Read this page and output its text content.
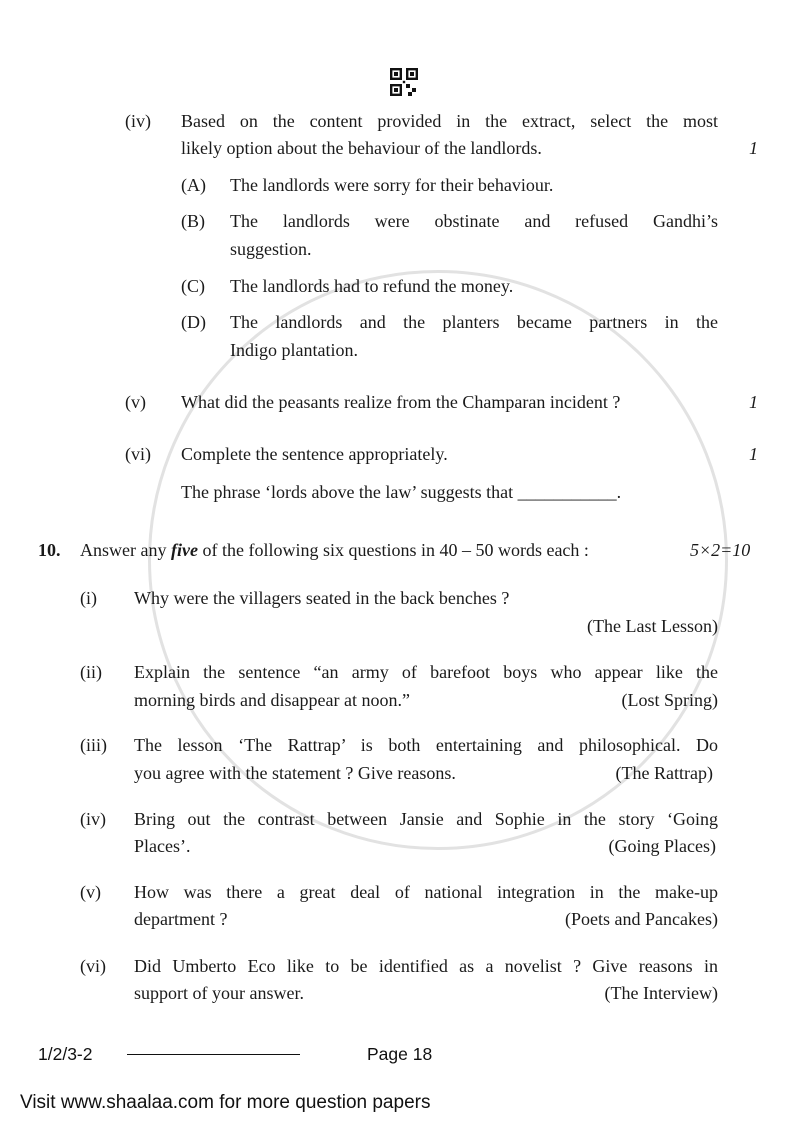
(iv) Based on the content provided in the extract, select the most
likely option about the behaviour of the landlords.	1
(A) The landlords were sorry for their behaviour.
(B) The landlords were obstinate and refused Gandhi’s
suggestion.
(C) The landlords had to refund the money.
(D) The landlords and the planters became partners in the
Indigo plantation.
(v) What did the peasants realize from the Champaran incident ?	1
(vi) Complete the sentence appropriately.	1
The phrase ‘lords above the law’ suggests that ___________.
10. Answer any five of the following six questions in 40 – 50 words each :	5×2=10
(i) Why were the villagers seated in the back benches ?
(The Last Lesson)
(ii) Explain the sentence “an army of barefoot boys who appear like the
morning birds and disappear at noon.”	(Lost Spring)
(iii) The lesson ‘The Rattrap’ is both entertaining and philosophical. Do
you agree with the statement ? Give reasons.	(The Rattrap)
(iv) Bring out the contrast between Jansie and Sophie in the story ‘Going
Places’.	(Going Places)
(v) How was there a great deal of national integration in the make-up
department ?	(Poets and Pancakes)
(vi) Did Umberto Eco like to be identified as a novelist ? Give reasons in
support of your answer.	(The Interview)
1/2/3-2	Page 18
Visit www.shaalaa.com for more question papers
